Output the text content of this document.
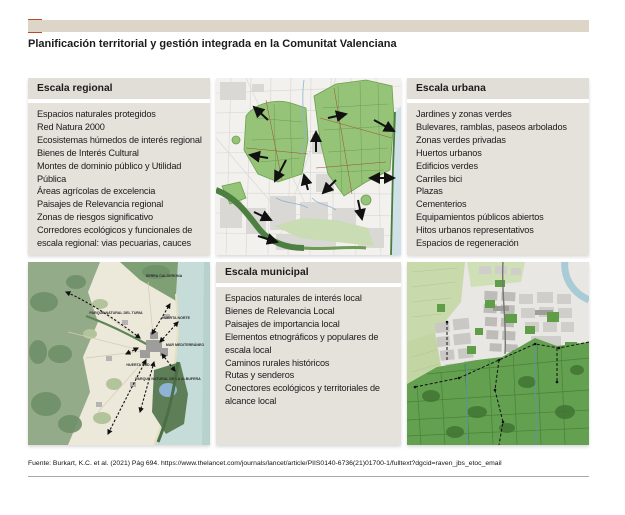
Planificación territorial y gestión integrada en la Comunitat Valenciana
Escala regional
Espacios naturales protegidos
Red Natura 2000
Ecosistemas húmedos de interés regional
Bienes de Interés Cultural
Montes de dominio público y Utilidad Pública
Áreas agrícolas de excelencia
Paisajes de Relevancia regional
Zonas de riesgos significativo
Corredores ecológicos y funcionales de escala regional: vias pecuarias, cauces
Escala urbana
Jardines y zonas verdes
Bulevares, ramblas, paseos arbolados
Zonas verdes privadas
Huertos urbanos
Edificios verdes
Carriles bici
Plazas
Cementerios
Equipamientos públicos abiertos
Hitos urbanos representativos
Espacios de regeneración
PARQUE NATURAL DEL TURIA
SERRA CALDERONA
HUERTA NORTE
MAR MEDITERRÁNEO
HUERTA SUD
PARQUE NATURAL DE LA ALBUFERA
Escala municipal
Espacios naturales de interés local
Bienes de Relevancia Local
Paisajes de importancia local
Elementos etnográficos y populares de escala local
Caminos rurales históricos
Rutas y senderos
Conectores ecológicos y territoriales de alcance local
Fuente: Burkart, K.C. et al. (2021) Pág 694. https://www.thelancet.com/journals/lancet/article/PIIS0140-6736(21)01700-1/fulltext?dgcid=raven_jbs_etoc_email
